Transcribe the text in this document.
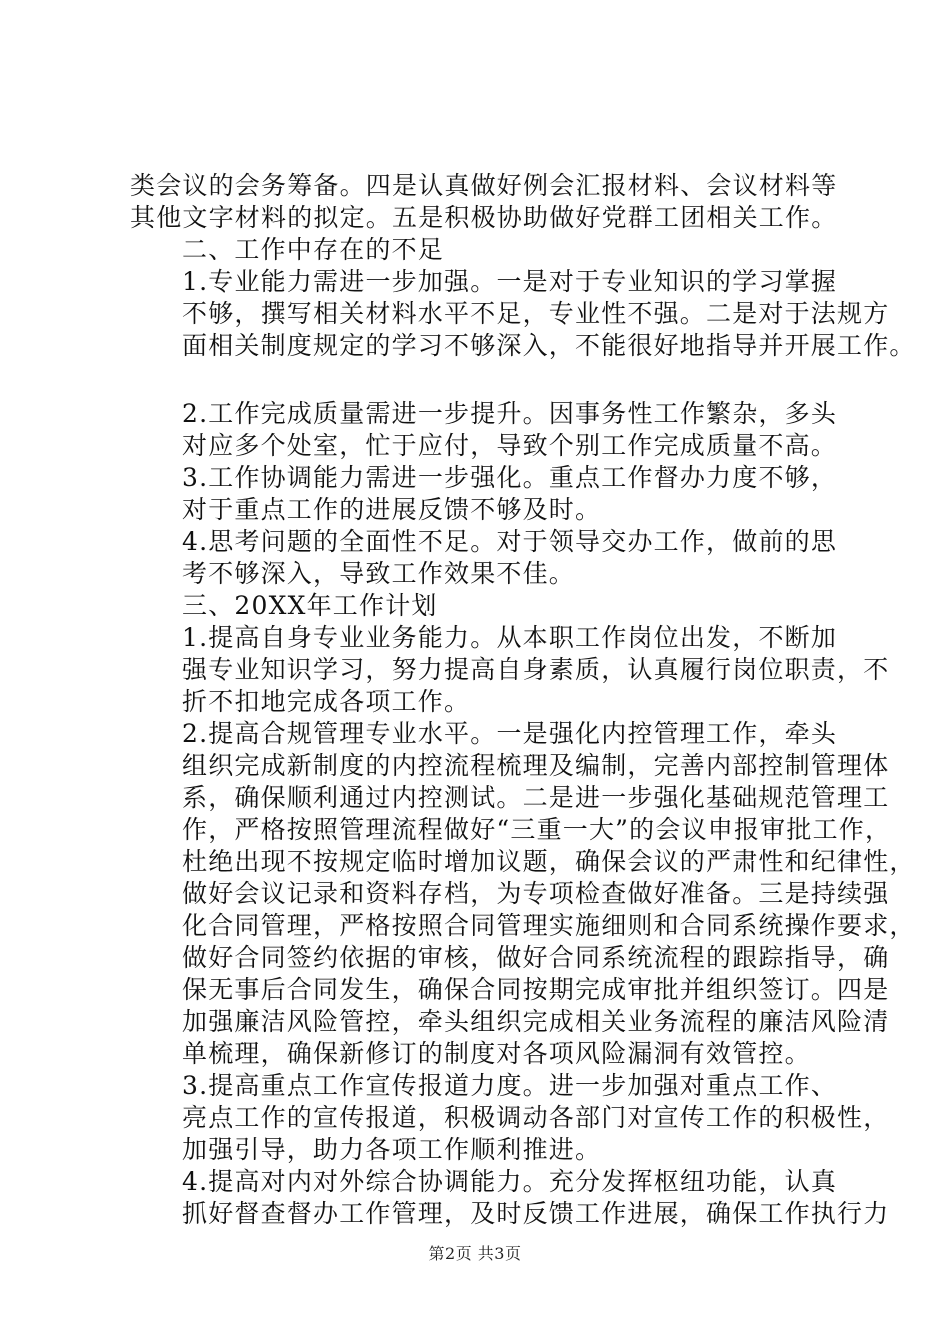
类会议的会务筹备。四是认真做好例会汇报材料、会议材料等
其他文字材料的拟定。五是积极协助做好党群工团相关工作。
二、工作中存在的不足
1.专业能力需进一步加强。一是对于专业知识的学习掌握
不够，撰写相关材料水平不足，专业性不强。二是对于法规方
面相关制度规定的学习不够深入，不能很好地指导并开展工作。
2.工作完成质量需进一步提升。因事务性工作繁杂，多头
对应多个处室，忙于应付，导致个别工作完成质量不高。
3.工作协调能力需进一步强化。重点工作督办力度不够，
对于重点工作的进展反馈不够及时。
4.思考问题的全面性不足。对于领导交办工作，做前的思
考不够深入，导致工作效果不佳。
三、20XX年工作计划
1.提高自身专业业务能力。从本职工作岗位出发，不断加
强专业知识学习，努力提高自身素质，认真履行岗位职责，不
折不扣地完成各项工作。
2.提高合规管理专业水平。一是强化内控管理工作，牵头
组织完成新制度的内控流程梳理及编制，完善内部控制管理体
系，确保顺利通过内控测试。二是进一步强化基础规范管理工
作，严格按照管理流程做好“三重一大”的会议申报审批工作，
杜绝出现不按规定临时增加议题，确保会议的严肃性和纪律性，
做好会议记录和资料存档，为专项检查做好准备。三是持续强
化合同管理，严格按照合同管理实施细则和合同系统操作要求，
做好合同签约依据的审核，做好合同系统流程的跟踪指导，确
保无事后合同发生，确保合同按期完成审批并组织签订。四是
加强廉洁风险管控，牵头组织完成相关业务流程的廉洁风险清
单梳理，确保新修订的制度对各项风险漏洞有效管控。
3.提高重点工作宣传报道力度。进一步加强对重点工作、
亮点工作的宣传报道，积极调动各部门对宣传工作的积极性，
加强引导，助力各项工作顺利推进。
4.提高对内对外综合协调能力。充分发挥枢纽功能，认真
抓好督查督办工作管理，及时反馈工作进展，确保工作执行力
第2页 共3页
